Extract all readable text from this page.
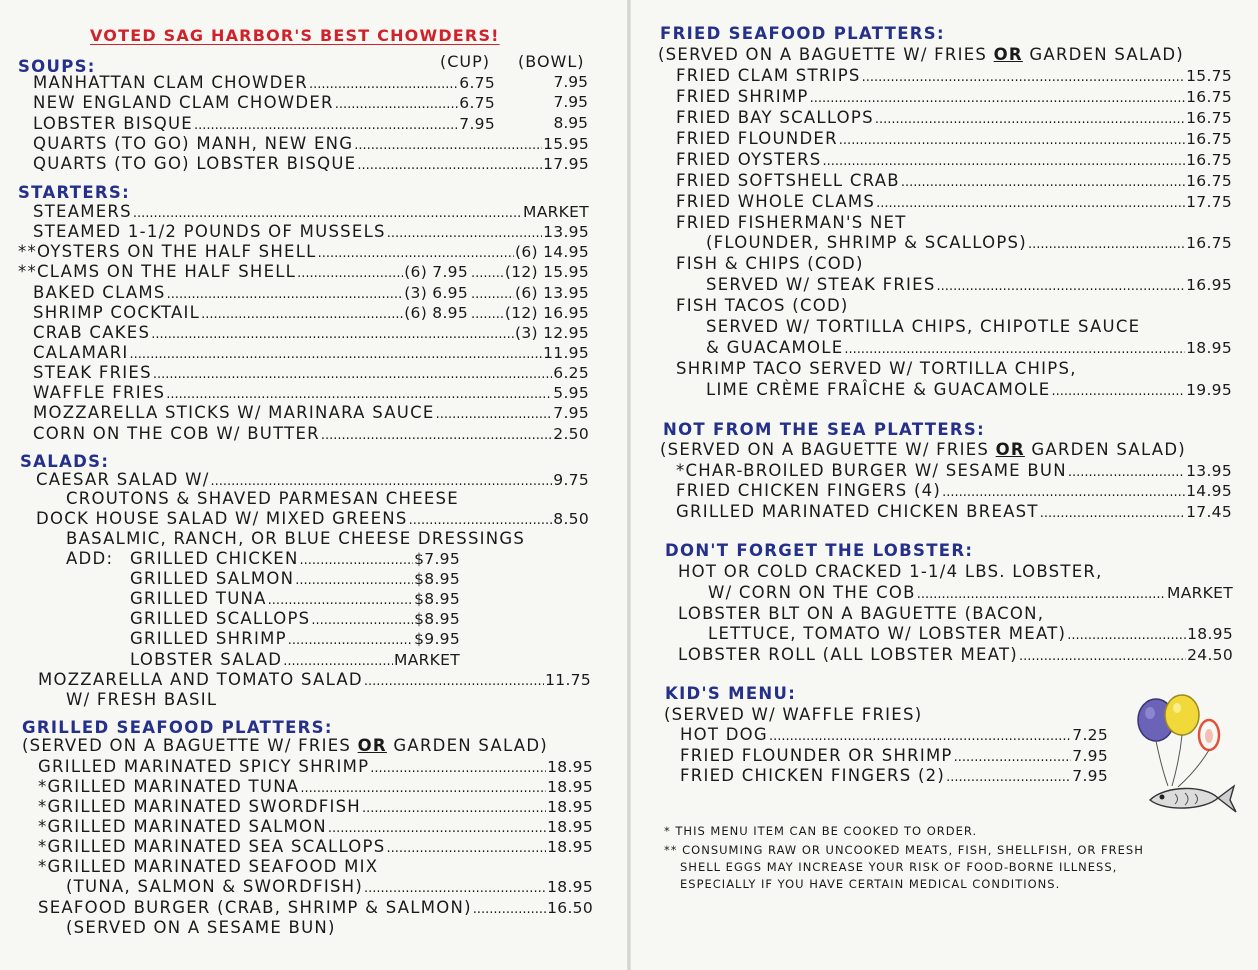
VOTED SAG HARBOR'S BEST CHOWDERS!
SOUPS:	(CUP) (BOWL)
MANHATTAN CLAM CHOWDER .....	6.75	7.95
NEW ENGLAND CLAM CHOWDER .....	6.75	7.95
LOBSTER BISQUE .....	7.95	8.95
QUARTS (TO GO) MANH, NEW ENG .....	15.95
QUARTS (TO GO) LOBSTER BISQUE .....	17.95
STARTERS:
STEAMERS .....	MARKET
STEAMED 1-1/2 POUNDS OF MUSSELS .....	13.95
**OYSTERS ON THE HALF SHELL .....	(6) 14.95
**CLAMS ON THE HALF SHELL .....	(6) 7.95 ..... (12) 15.95
BAKED CLAMS .....	(3) 6.95 .....	(6) 13.95
SHRIMP COCKTAIL .....	(6) 8.95 ..... (12) 16.95
CRAB CAKES .....	(3) 12.95
CALAMARI .....	11.95
STEAK FRIES .....	6.25
WAFFLE FRIES .....	5.95
MOZZARELLA STICKS W/ MARINARA SAUCE .....	7.95
CORN ON THE COB W/ BUTTER .....	2.50
SALADS:
CAESAR SALAD W/ .....	9.75
CROUTONS & SHAVED PARMESAN CHEESE
DOCK HOUSE SALAD W/ MIXED GREENS .....	8.50
BASALMIC, RANCH, OR BLUE CHEESE DRESSINGS
ADD: GRILLED CHICKEN .....	$7.95
GRILLED SALMON .....	$8.95
GRILLED TUNA .....	$8.95
GRILLED SCALLOPS .....	$8.95
GRILLED SHRIMP .....	$9.95
LOBSTER SALAD .....	MARKET
MOZZARELLA AND TOMATO SALAD .....	11.75
W/ FRESH BASIL
GRILLED SEAFOOD PLATTERS:
(SERVED ON A BAGUETTE W/ FRIES OR GARDEN SALAD)
GRILLED MARINATED SPICY SHRIMP .....	18.95
*GRILLED MARINATED TUNA .....	18.95
*GRILLED MARINATED SWORDFISH .....	18.95
*GRILLED MARINATED SALMON .....	18.95
*GRILLED MARINATED SEA SCALLOPS .....	18.95
*GRILLED MARINATED SEAFOOD MIX
(TUNA, SALMON & SWORDFISH) .....	18.95
SEAFOOD BURGER (CRAB, SHRIMP & SALMON) .....	16.50
(SERVED ON A SESAME BUN)
FRIED SEAFOOD PLATTERS:
(SERVED ON A BAGUETTE W/ FRIES OR GARDEN SALAD)
FRIED CLAM STRIPS .....	15.75
FRIED SHRIMP .....	16.75
FRIED BAY SCALLOPS .....	16.75
FRIED FLOUNDER .....	16.75
FRIED OYSTERS .....	16.75
FRIED SOFTSHELL CRAB .....	16.75
FRIED WHOLE CLAMS .....	17.75
FRIED FISHERMAN'S NET
(FLOUNDER, SHRIMP & SCALLOPS) .....	16.75
FISH & CHIPS (COD)
SERVED W/ STEAK FRIES .....	16.95
FISH TACOS (COD)
SERVED W/ TORTILLA CHIPS, CHIPOTLE SAUCE
& GUACAMOLE .....	18.95
SHRIMP TACO SERVED W/ TORTILLA CHIPS,
LIME CRÈME FRAÎCHE & GUACAMOLE .....	19.95
NOT FROM THE SEA PLATTERS:
(SERVED ON A BAGUETTE W/ FRIES OR GARDEN SALAD)
*CHAR-BROILED BURGER W/ SESAME BUN .....	13.95
FRIED CHICKEN FINGERS (4) .....	14.95
GRILLED MARINATED CHICKEN BREAST .....	17.45
DON'T FORGET THE LOBSTER:
HOT OR COLD CRACKED 1-1/4 LBS. LOBSTER,
W/ CORN ON THE COB .....	MARKET
LOBSTER BLT ON A BAGUETTE (BACON,
LETTUCE, TOMATO W/ LOBSTER MEAT) .....	18.95
LOBSTER ROLL (ALL LOBSTER MEAT) .....	24.50
KID'S MENU:
(SERVED W/ WAFFLE FRIES)
HOT DOG .....	7.25
FRIED FLOUNDER OR SHRIMP .....	7.95
FRIED CHICKEN FINGERS (2) .....	7.95
* THIS MENU ITEM CAN BE COOKED TO ORDER.
** CONSUMING RAW OR UNCOOKED MEATS, FISH, SHELLFISH, OR FRESH
SHELL EGGS MAY INCREASE YOUR RISK OF FOOD-BORNE ILLNESS,
ESPECIALLY IF YOU HAVE CERTAIN MEDICAL CONDITIONS.
